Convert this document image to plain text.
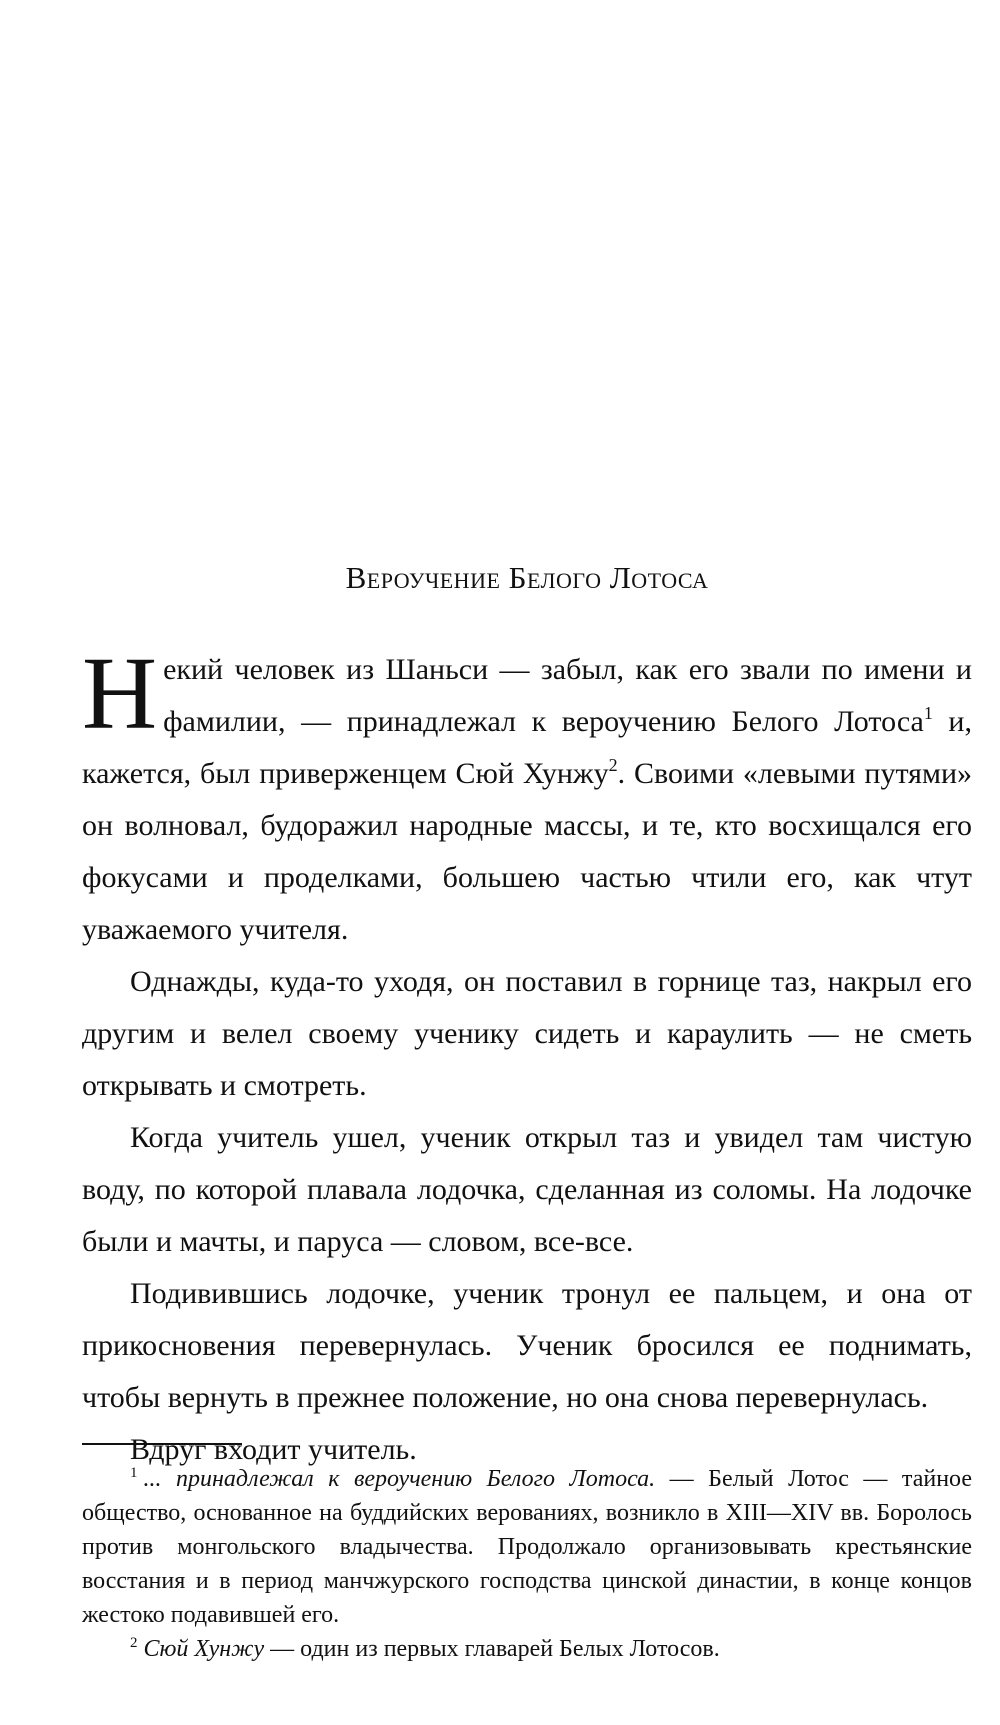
Вероучение Белого Лотоса

Некий человек из Шаньси — забыл, как его звали по имени и фамилии, — принадлежал к вероучению Белого Лотоса$^1$ и, кажется, был приверженцем Сюй Хунжу$^2$. Своими «левыми путями» он волновал, будоражил народные массы, и те, кто восхищался его фокусами и проделками, большею частью чтили его, как чтут уважаемого учителя.

Однажды, куда-то уходя, он поставил в горнице таз, накрыл его другим и велел своему ученику сидеть и караулить — не сметь открывать и смотреть.

Когда учитель ушел, ученик открыл таз и увидел там чистую воду, по которой плавала лодочка, сделанная из соломы. На лодочке были и мачты, и паруса — словом, все-все.

Подивившись лодочке, ученик тронул ее пальцем, и она от прикосновения перевернулась. Ученик бросился ее поднимать, чтобы вернуть в прежнее положение, но она снова перевернулась.

Вдруг входит учитель.

$^1$ ... принадлежал к вероучению Белого Лотоса. — Белый Лотос — тайное общество, основанное на буддийских верованиях, возникло в XIII—XIV вв. Боролось против монгольского владычества. Продолжало организовывать крестьянские восстания и в период манчжурского господства цинской династии, в конце концов жестоко подавившей его.

$^2$ Сюй Хунжу — один из первых главарей Белых Лотосов.
